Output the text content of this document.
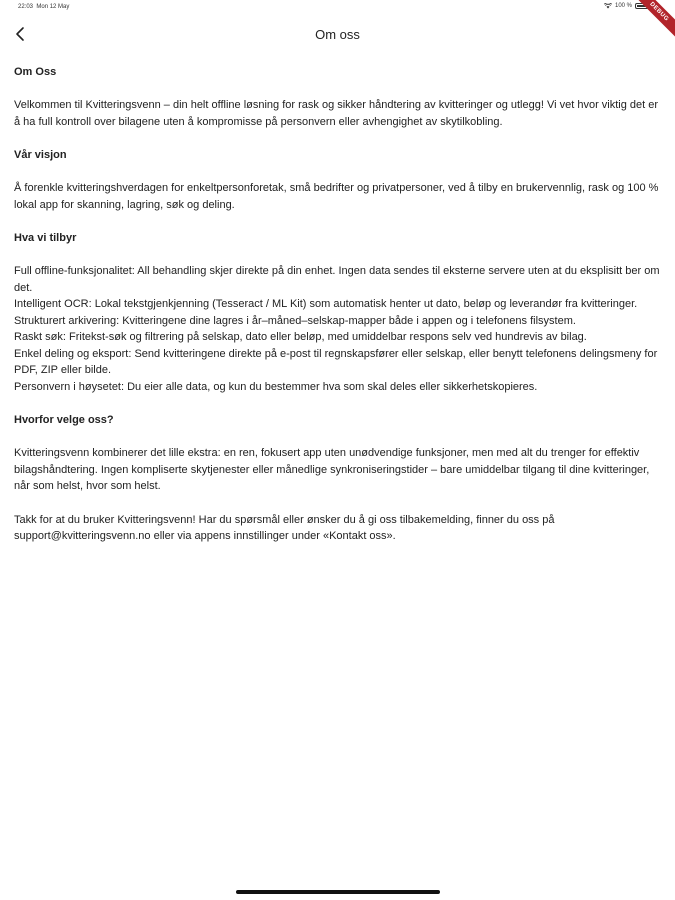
22:03 Mon 12 May	100 %	DEBUG
Om oss
Om Oss

Velkommen til Kvitteringsvenn – din helt offline løsning for rask og sikker håndtering av kvitteringer og utlegg! Vi vet hvor viktig det er å ha full kontroll over bilagene uten å kompromisse på personvern eller avhengighet av skytilkobling.

Vår visjon

Å forenkle kvitteringshverdagen for enkeltpersonforetak, små bedrifter og privatpersoner, ved å tilby en brukervennlig, rask og 100 % lokal app for skanning, lagring, søk og deling.

Hva vi tilbyr

Full offline-funksjonalitet: All behandling skjer direkte på din enhet. Ingen data sendes til eksterne servere uten at du eksplisitt ber om det.

Intelligent OCR: Lokal tekstgjenkjenning (Tesseract / ML Kit) som automatisk henter ut dato, beløp og leverandør fra kvitteringer.

Strukturert arkivering: Kvitteringene dine lagres i år–måned–selskap-mapper både i appen og i telefonens filsystem.

Raskt søk: Fritekst-søk og filtrering på selskap, dato eller beløp, med umiddelbar respons selv ved hundrevis av bilag.

Enkel deling og eksport: Send kvitteringene direkte på e-post til regnskapsfører eller selskap, eller benytt telefonens delingsmeny for PDF, ZIP eller bilde.

Personvern i høysetet: Du eier alle data, og kun du bestemmer hva som skal deles eller sikkerhetskopieres.

Hvorfor velge oss?

Kvitteringsvenn kombinerer det lille ekstra: en ren, fokusert app uten unødvendige funksjoner, men med alt du trenger for effektiv bilagshåndtering. Ingen kompliserte skytjenester eller månedlige synkroniseringstider – bare umiddelbar tilgang til dine kvitteringer, når som helst, hvor som helst.

Takk for at du bruker Kvitteringsvenn! Har du spørsmål eller ønsker du å gi oss tilbakemelding, finner du oss på support@kvitteringsvenn.no eller via appens innstillinger under «Kontakt oss».
